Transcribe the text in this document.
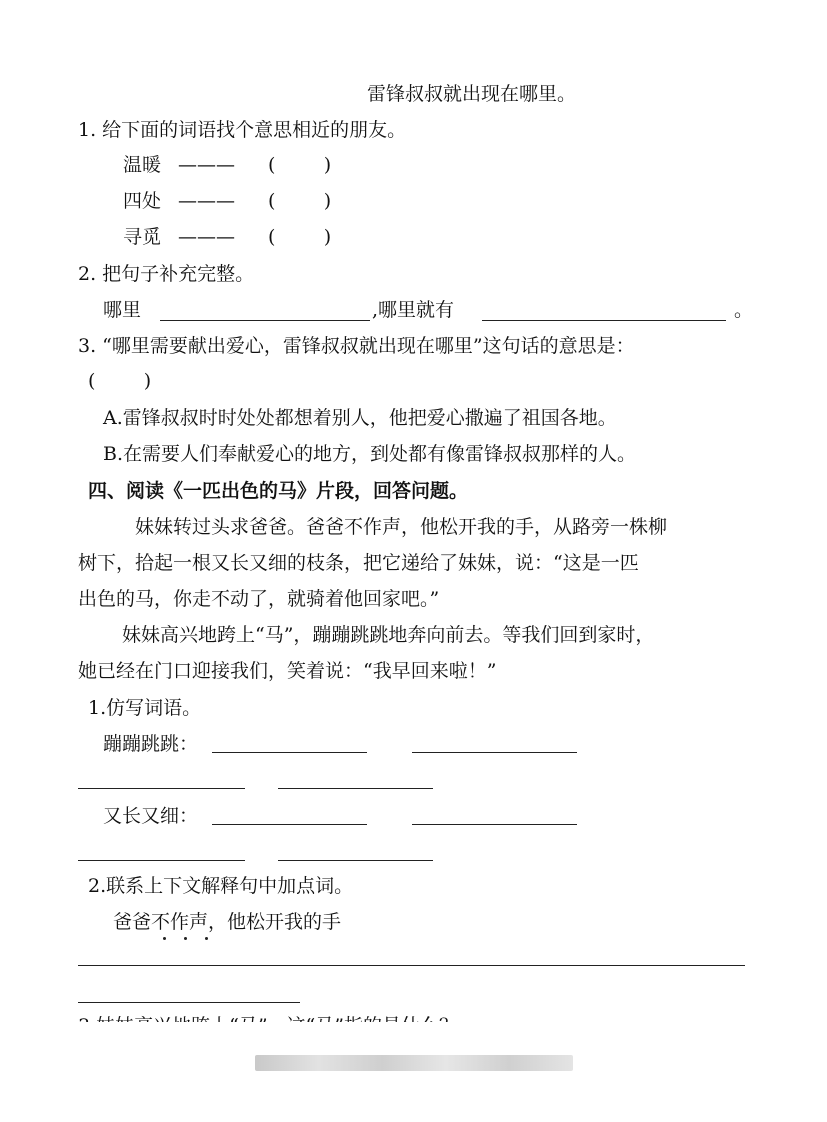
雷锋叔叔就出现在哪里。
1. 给下面的词语找个意思相近的朋友。
温暖 ——— (        )
四处 ——— (        )
寻觅 ——— (        )
2. 把句子补充完整。
哪里	,哪里就有	。
3. “哪里需要献出爱心，雷锋叔叔就出现在哪里”这句话的意思是：
(        )
A.雷锋叔叔时时处处都想着别人，他把爱心撒遍了祖国各地。
B.在需要人们奉献爱心的地方，到处都有像雷锋叔叔那样的人。
四、阅读《一匹出色的马》片段，回答问题。
妹妹转过头求爸爸。爸爸不作声，他松开我的手，从路旁一株柳
树下，拾起一根又长又细的枝条，把它递给了妹妹，说：“这是一匹
出色的马，你走不动了，就骑着他回家吧。”
妹妹高兴地跨上“马”，蹦蹦跳跳地奔向前去。等我们回到家时，
她已经在门口迎接我们，笑着说：“我早回来啦！”
1.仿写词语。
蹦蹦跳跳：
又长又细：
2.联系上下文解释句中加点词。
爸爸不作声，他松开我的手
